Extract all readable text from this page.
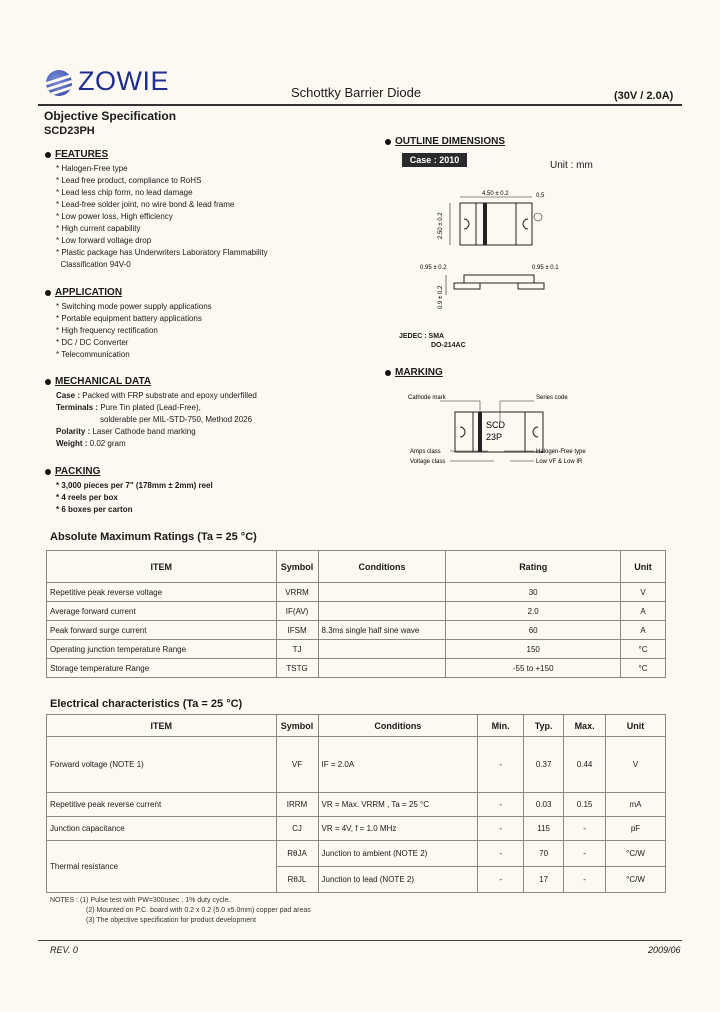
ZOWIE	Schottky Barrier Diode	(30V / 2.0A)
Objective Specification
SCD23PH
FEATURES
* Halogen-Free type
* Lead free product, compliance to RoHS
* Lead less chip form, no lead damage
* Lead-free solder joint, no wire bond & lead frame
* Low power loss, High efficiency
* High current capability
* Low forward voltage drop
* Plastic package has Underwriters Laboratory Flammability
Classification 94V-0
APPLICATION
* Switching mode power supply applications
* Portable equipment battery applications
* High frequency rectification
* DC / DC Converter
* Telecommunication
MECHANICAL DATA
Case : Packed with FRP substrate and epoxy underfilled
Terminals : Pure Tin plated (Lead-Free),
solderable per MIL-STD-750, Method 2026
Polarity : Laser Cathode band marking
Weight : 0.02 gram
PACKING
* 3,000 pieces per 7" (178mm ± 2mm) reel
* 4 reels per box
* 6 boxes per carton
OUTLINE DIMENSIONS
Case : 2010	Unit : mm
4.50 ± 0.2	0.5
2.50 ± 0.2
0.95 ± 0.2	0.95 ± 0.1
0.9 ± 0.2
JEDEC : SMA
DO-214AC
MARKING
Cathode mark	Series code
SCD
23P
Amps class
Voltage class
Halogen-Free type
Low VF & Low IR
Absolute Maximum Ratings (Ta = 25 °C)
ITEM	Symbol	Conditions	Rating	Unit
Repetitive peak reverse voltage	VRRM		30	V
Average forward current	IF(AV)		2.0	A
Peak forward surge current	IFSM	8.3ms single half sine wave	60	A
Operating junction temperature Range	TJ		150	°C
Storage temperature Range	TSTG		-55 to +150	°C
Electrical characteristics (Ta = 25 °C)
ITEM	Symbol	Conditions	Min.	Typ.	Max.	Unit
Forward voltage (NOTE 1)	VF	IF = 2.0A	-	0.37	0.44	V
Repetitive peak reverse current	IRRM	VR = Max. VRRM , Ta = 25 °C	-	0.03	0.15	mA
Junction capacitance	CJ	VR = 4V, f = 1.0 MHz	-	115	-	pF
Thermal resistance	RθJA	Junction to ambient (NOTE 2)	-	70	-	°C/W
	RθJL	Junction to lead (NOTE 2)	-	17	-	°C/W
NOTES : (1) Pulse test with PW=300usec , 1% duty cycle.
(2) Mounted on P.C. board with 0.2 x 0.2 (5.0 x5.0mm) copper pad areas
(3) The objective specification for product development
REV. 0	2009/06
